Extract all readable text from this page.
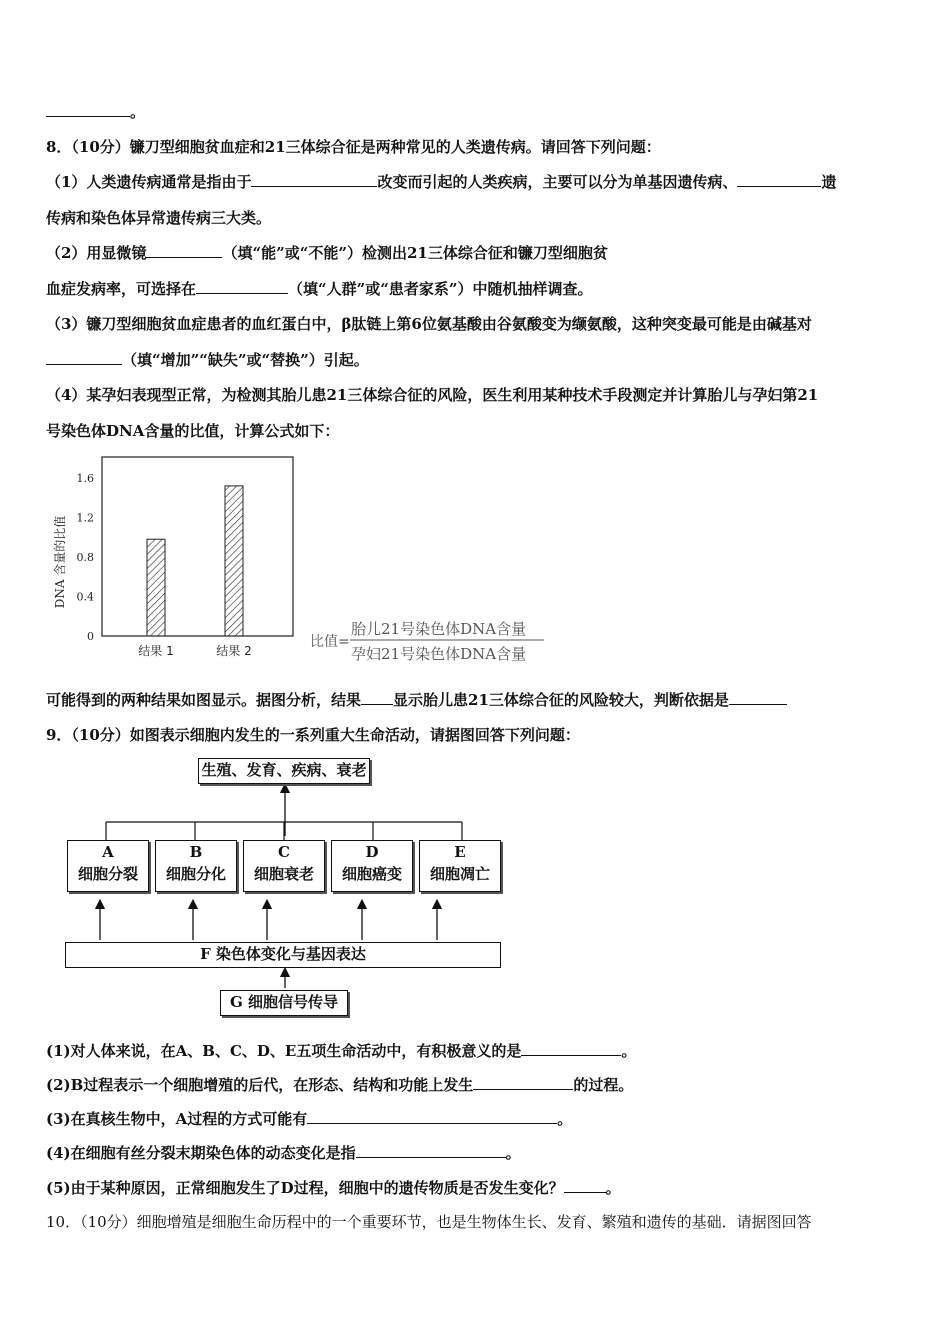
。
8．（10分）镰刀型细胞贫血症和21三体综合征是两种常见的人类遗传病。请回答下列问题：
（1）人类遗传病通常是指由于	改变而引起的人类疾病，主要可以分为单基因遗传病、	遗
传病和染色体异常遗传病三大类。
（2）用显微镜	（填“能”或“不能”）检测出21三体综合征和镰刀型细胞贫
血症发病率，可选择在	（填“人群”或“患者家系”）中随机抽样调查。
（3）镰刀型细胞贫血症患者的血红蛋白中，β肽链上第6位氨基酸由谷氨酸变为缬氨酸，这种突变最可能是由碱基对
（填“增加”“缺失”或“替换”）引起。
（4）某孕妇表现型正常，为检测其胎儿患21三体综合征的风险，医生利用某种技术手段测定并计算胎儿与孕妇第21
号染色体DNA含量的比值，计算公式如下：
0
0.4
0.8
1.2
1.6
结果 1	结果 2
DNA 含量的比值
比值=
胎儿21号染色体DNA含量
孕妇21号染色体DNA含量
可能得到的两种结果如图显示。据图分析，结果 显示胎儿患21三体综合征的风险较大，判断依据是
9．（10分）如图表示细胞内发生的一系列重大生命活动，请据图回答下列问题：
生殖、发育、疾病、衰老
A
细胞分裂
B
细胞分化
C
细胞衰老
D
细胞癌变
E
细胞凋亡
F 染色体变化与基因表达
G 细胞信号传导
(1)对人体来说，在A、B、C、D、E五项生命活动中，有积极意义的是	。
(2)B过程表示一个细胞增殖的后代，在形态、结构和功能上发生	的过程。
(3)在真核生物中，A过程的方式可能有	。
(4)在细胞有丝分裂末期染色体的动态变化是指	。
(5)由于某种原因，正常细胞发生了D过程，细胞中的遗传物质是否发生变化？	。
10．（10分）细胞增殖是细胞生命历程中的一个重要环节，也是生物体生长、发育、繁殖和遗传的基础．请据图回答
